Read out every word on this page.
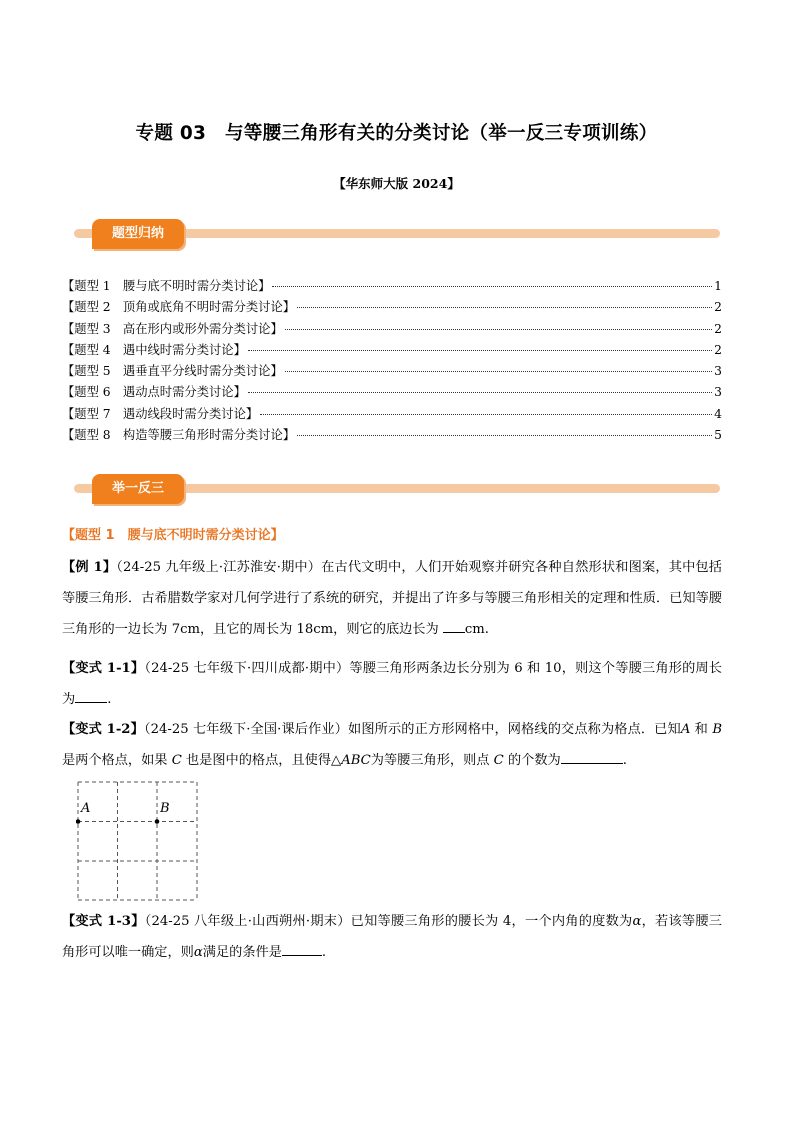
专题 03　与等腰三角形有关的分类讨论（举一反三专项训练）
【华东师大版 2024】
题型归纳
【题型 1　腰与底不明时需分类讨论】	1
【题型 2　顶角或底角不明时需分类讨论】	2
【题型 3　高在形内或形外需分类讨论】	2
【题型 4　遇中线时需分类讨论】	2
【题型 5　遇垂直平分线时需分类讨论】	3
【题型 6　遇动点时需分类讨论】	3
【题型 7　遇动线段时需分类讨论】	4
【题型 8　构造等腰三角形时需分类讨论】	5
举一反三
【题型 1　腰与底不明时需分类讨论】
【例 1】（24-25 九年级上·江苏淮安·期中）在古代文明中，人们开始观察并研究各种自然形状和图案，其中包括等腰三角形．古希腊数学家对几何学进行了系统的研究，并提出了许多与等腰三角形相关的定理和性质．已知等腰三角形的一边长为 7cm，且它的周长为 18cm，则它的底边长为 cm.
【变式 1-1】（24-25 七年级下·四川成都·期中）等腰三角形两条边长分别为 6 和 10，则这个等腰三角形的周长为 .
【变式 1-2】（24-25 七年级下·全国·课后作业）如图所示的正方形网格中，网格线的交点称为格点．已知A 和 B 是两个格点，如果 C 也是图中的格点，且使得△ABC为等腰三角形，则点 C 的个数为	.
A	B
【变式 1-3】（24-25 八年级上·山西朔州·期末）已知等腰三角形的腰长为 4，一个内角的度数为α，若该等腰三角形可以唯一确定，则α满足的条件是	.
